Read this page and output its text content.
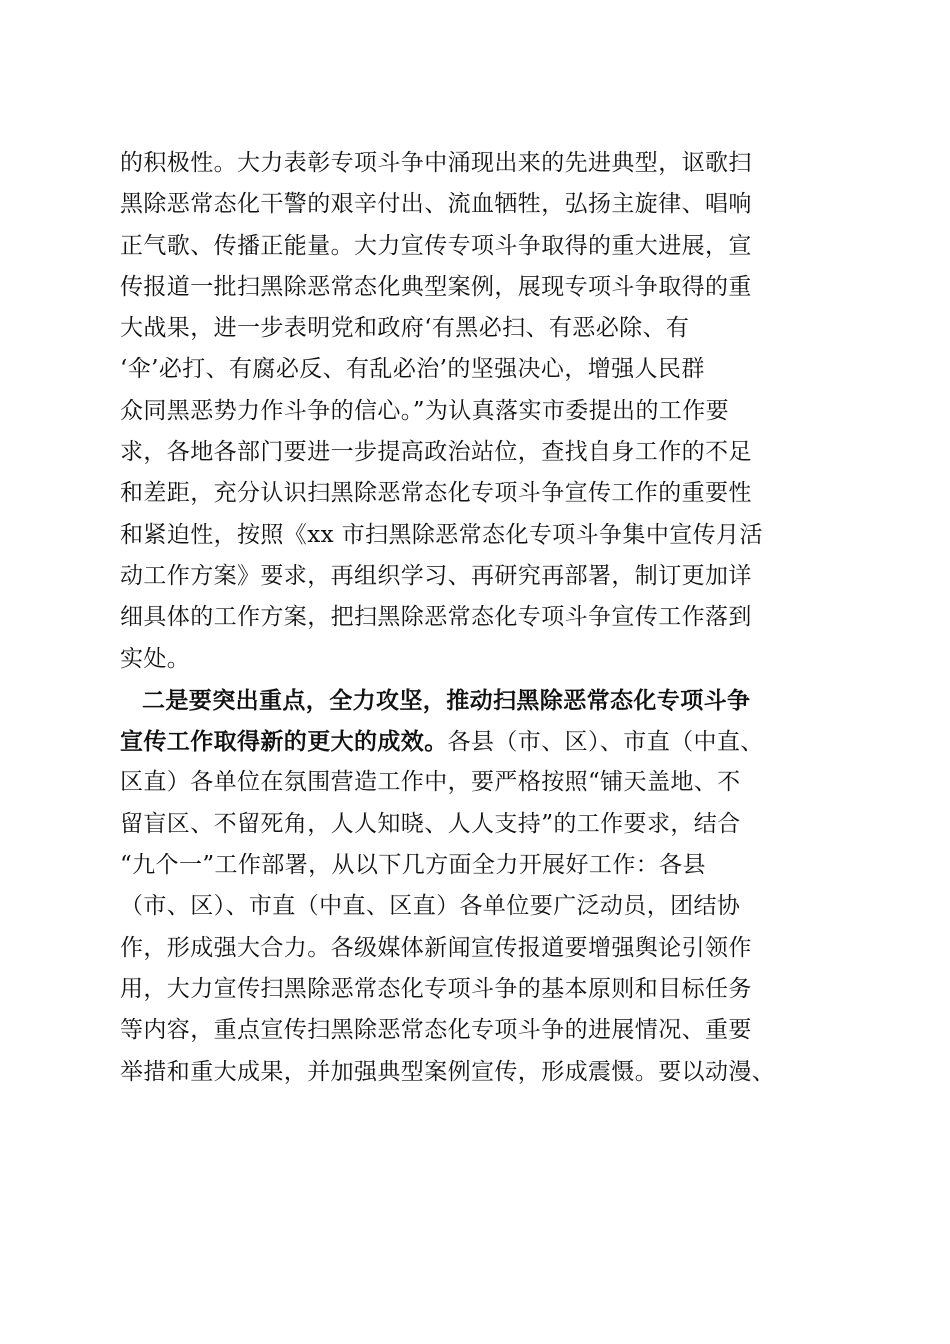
的积极性。大力表彰专项斗争中涌现出来的先进典型，讴歌扫
黑除恶常态化干警的艰辛付出、流血牺牲，弘扬主旋律、唱响
正气歌、传播正能量。大力宣传专项斗争取得的重大进展，宣
传报道一批扫黑除恶常态化典型案例，展现专项斗争取得的重
大战果，进一步表明党和政府‘有黑必扫、有恶必除、有
‘伞’必打、有腐必反、有乱必治’的坚强决心，增强人民群
众同黑恶势力作斗争的信心。”为认真落实市委提出的工作要
求，各地各部门要进一步提高政治站位，查找自身工作的不足
和差距，充分认识扫黑除恶常态化专项斗争宣传工作的重要性
和紧迫性，按照《xx 市扫黑除恶常态化专项斗争集中宣传月活
动工作方案》要求，再组织学习、再研究再部署，制订更加详
细具体的工作方案，把扫黑除恶常态化专项斗争宣传工作落到
实处。
二是要突出重点，全力攻坚，推动扫黑除恶常态化专项斗争
宣传工作取得新的更大的成效。各县（市、区）、市直（中直、
区直）各单位在氛围营造工作中，要严格按照“铺天盖地、不
留盲区、不留死角，人人知晓、人人支持”的工作要求，结合
“九个一”工作部署，从以下几方面全力开展好工作：各县
（市、区）、市直（中直、区直）各单位要广泛动员，团结协
作，形成强大合力。各级媒体新闻宣传报道要增强舆论引领作
用，大力宣传扫黑除恶常态化专项斗争的基本原则和目标任务
等内容，重点宣传扫黑除恶常态化专项斗争的进展情况、重要
举措和重大成果，并加强典型案例宣传，形成震慑。要以动漫、
